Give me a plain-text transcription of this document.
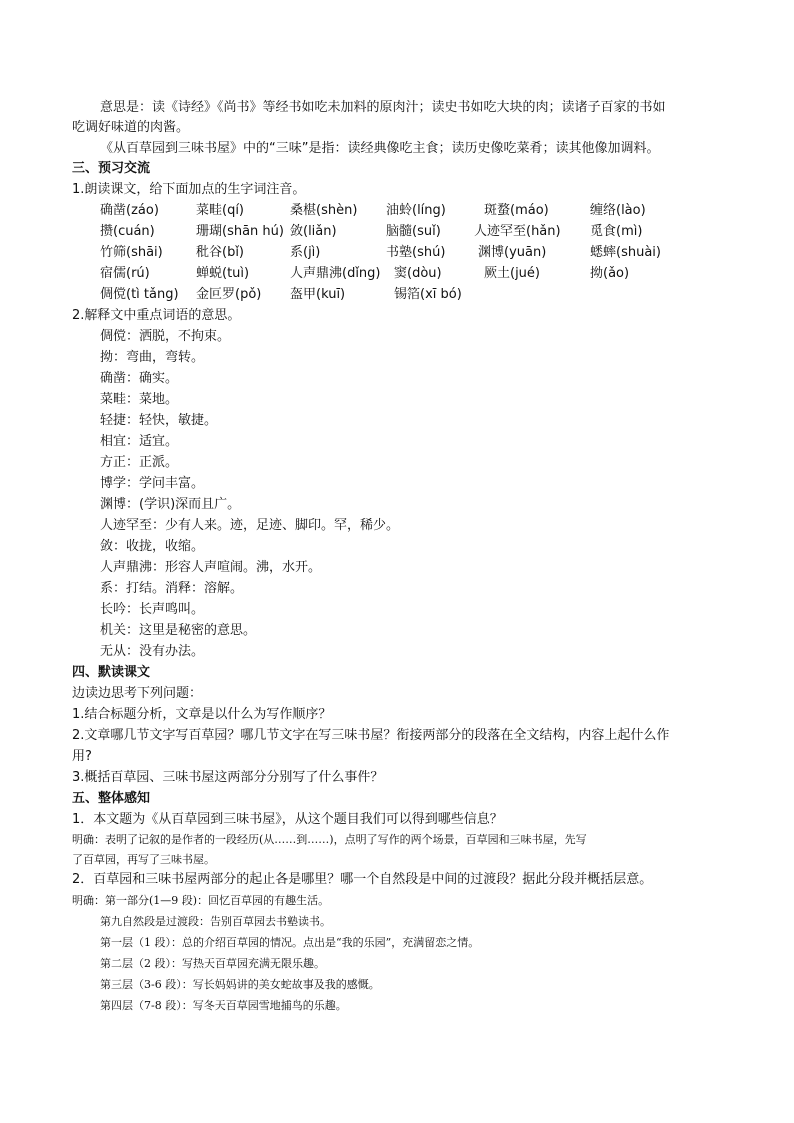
意思是：读《诗经》《尚书》等经书如吃未加料的原肉汁；读史书如吃大块的肉；读诸子百家的书如
吃调好味道的肉酱。
《从百草园到三味书屋》中的“三味”是指：读经典像吃主食；读历史像吃菜肴；读其他像加调料。
三、预习交流
1.朗读课文，给下面加点的生字词注音。
确凿(záo)	菜畦(qí)	桑椹(shèn) 油蛉(líng)	斑蝥(máo)	缠络(lào)
攒(cuán)	珊瑚(shān hú) 敛(liǎn)	脑髓(suǐ)	人迹罕至(hǎn) 觅食(mì)
竹筛(shāi)	秕谷(bǐ)	系(jì)	书塾(shú)	渊博(yuān)	蟋蟀(shuài)
宿儒(rú)	蝉蜕(tuì)	人声鼎沸(dǐng) 窦(dòu)	厥土(jué)	拗(ǎo)
倜傥(tì tǎng) 金叵罗(pǒ) 盔甲(kuī)	锡箔(xī bó)
2.解释文中重点词语的意思。
倜傥：洒脱，不拘束。
拗：弯曲，弯转。
确凿：确实。
菜畦：菜地。
轻捷：轻快，敏捷。
相宜：适宜。
方正：正派。
博学：学问丰富。
渊博：(学识)深而且广。
人迹罕至：少有人来。迹，足迹、脚印。罕，稀少。
敛：收拢，收缩。
人声鼎沸：形容人声喧闹。沸，水开。
系：打结。消释：溶解。
长吟：长声鸣叫。
机关：这里是秘密的意思。
无从：没有办法。
四、默读课文
边读边思考下列问题：
1.结合标题分析，文章是以什么为写作顺序？
2.文章哪几节文字写百草园？哪几节文字在写三味书屋？衔接两部分的段落在全文结构，内容上起什么作
用?
3.概括百草园、三味书屋这两部分分别写了什么事件？
五、整体感知
1．本文题为《从百草园到三味书屋》，从这个题目我们可以得到哪些信息？
明确：表明了记叙的是作者的一段经历(从……到……)，点明了写作的两个场景，百草园和三味书屋，先写
了百草园，再写了三味书屋。
2．百草园和三味书屋两部分的起止各是哪里？哪一个自然段是中间的过渡段？据此分段并概括层意。
明确：第一部分(1—9 段)：回忆百草园的有趣生活。
第九自然段是过渡段：告别百草园去书塾读书。
第一层（1 段）：总的介绍百草园的情况。点出是“我的乐园”，充满留恋之情。
第二层（2 段）：写热天百草园充满无限乐趣。
第三层（3-6 段）：写长妈妈讲的美女蛇故事及我的感慨。
第四层（7-8 段）：写冬天百草园雪地捕鸟的乐趣。
